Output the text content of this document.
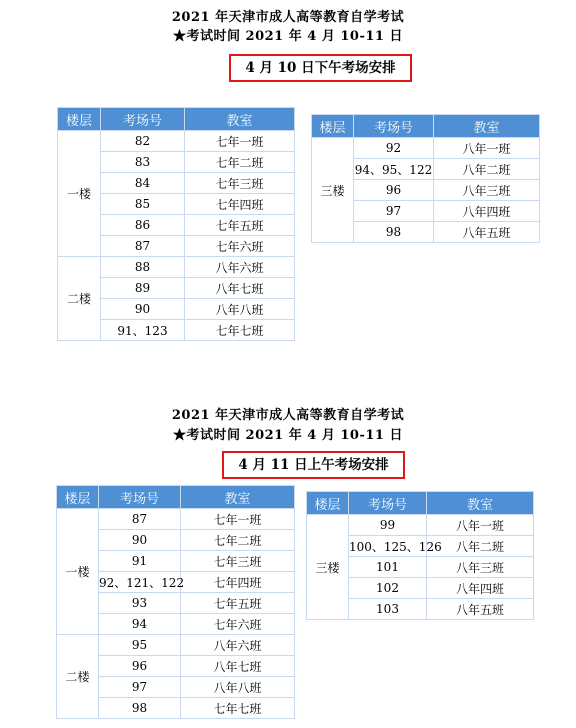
2021 年天津市成人高等教育自学考试
★考试时间 2021 年 4 月 10-11 日
4 月 10 日下午考场安排
楼层	考场号	教室
一楼	82	七年一班
	83	七年二班
	84	七年三班
	85	七年四班
	86	七年五班
	87	七年六班
二楼	88	八年六班
	89	八年七班
	90	八年八班
	91、123	七年七班
楼层	考场号	教室
三楼	92	八年一班
	94、95、122	八年二班
	96	八年三班
	97	八年四班
	98	八年五班
2021 年天津市成人高等教育自学考试
★考试时间 2021 年 4 月 10-11 日
4 月 11 日上午考场安排
楼层	考场号	教室
一楼	87	七年一班
	90	七年二班
	91	七年三班
	92、121、122	七年四班
	93	七年五班
	94	七年六班
二楼	95	八年六班
	96	八年七班
	97	八年八班
	98	七年七班
楼层	考场号	教室
三楼	99	八年一班
	100、125、126	八年二班
	101	八年三班
	102	八年四班
	103	八年五班
